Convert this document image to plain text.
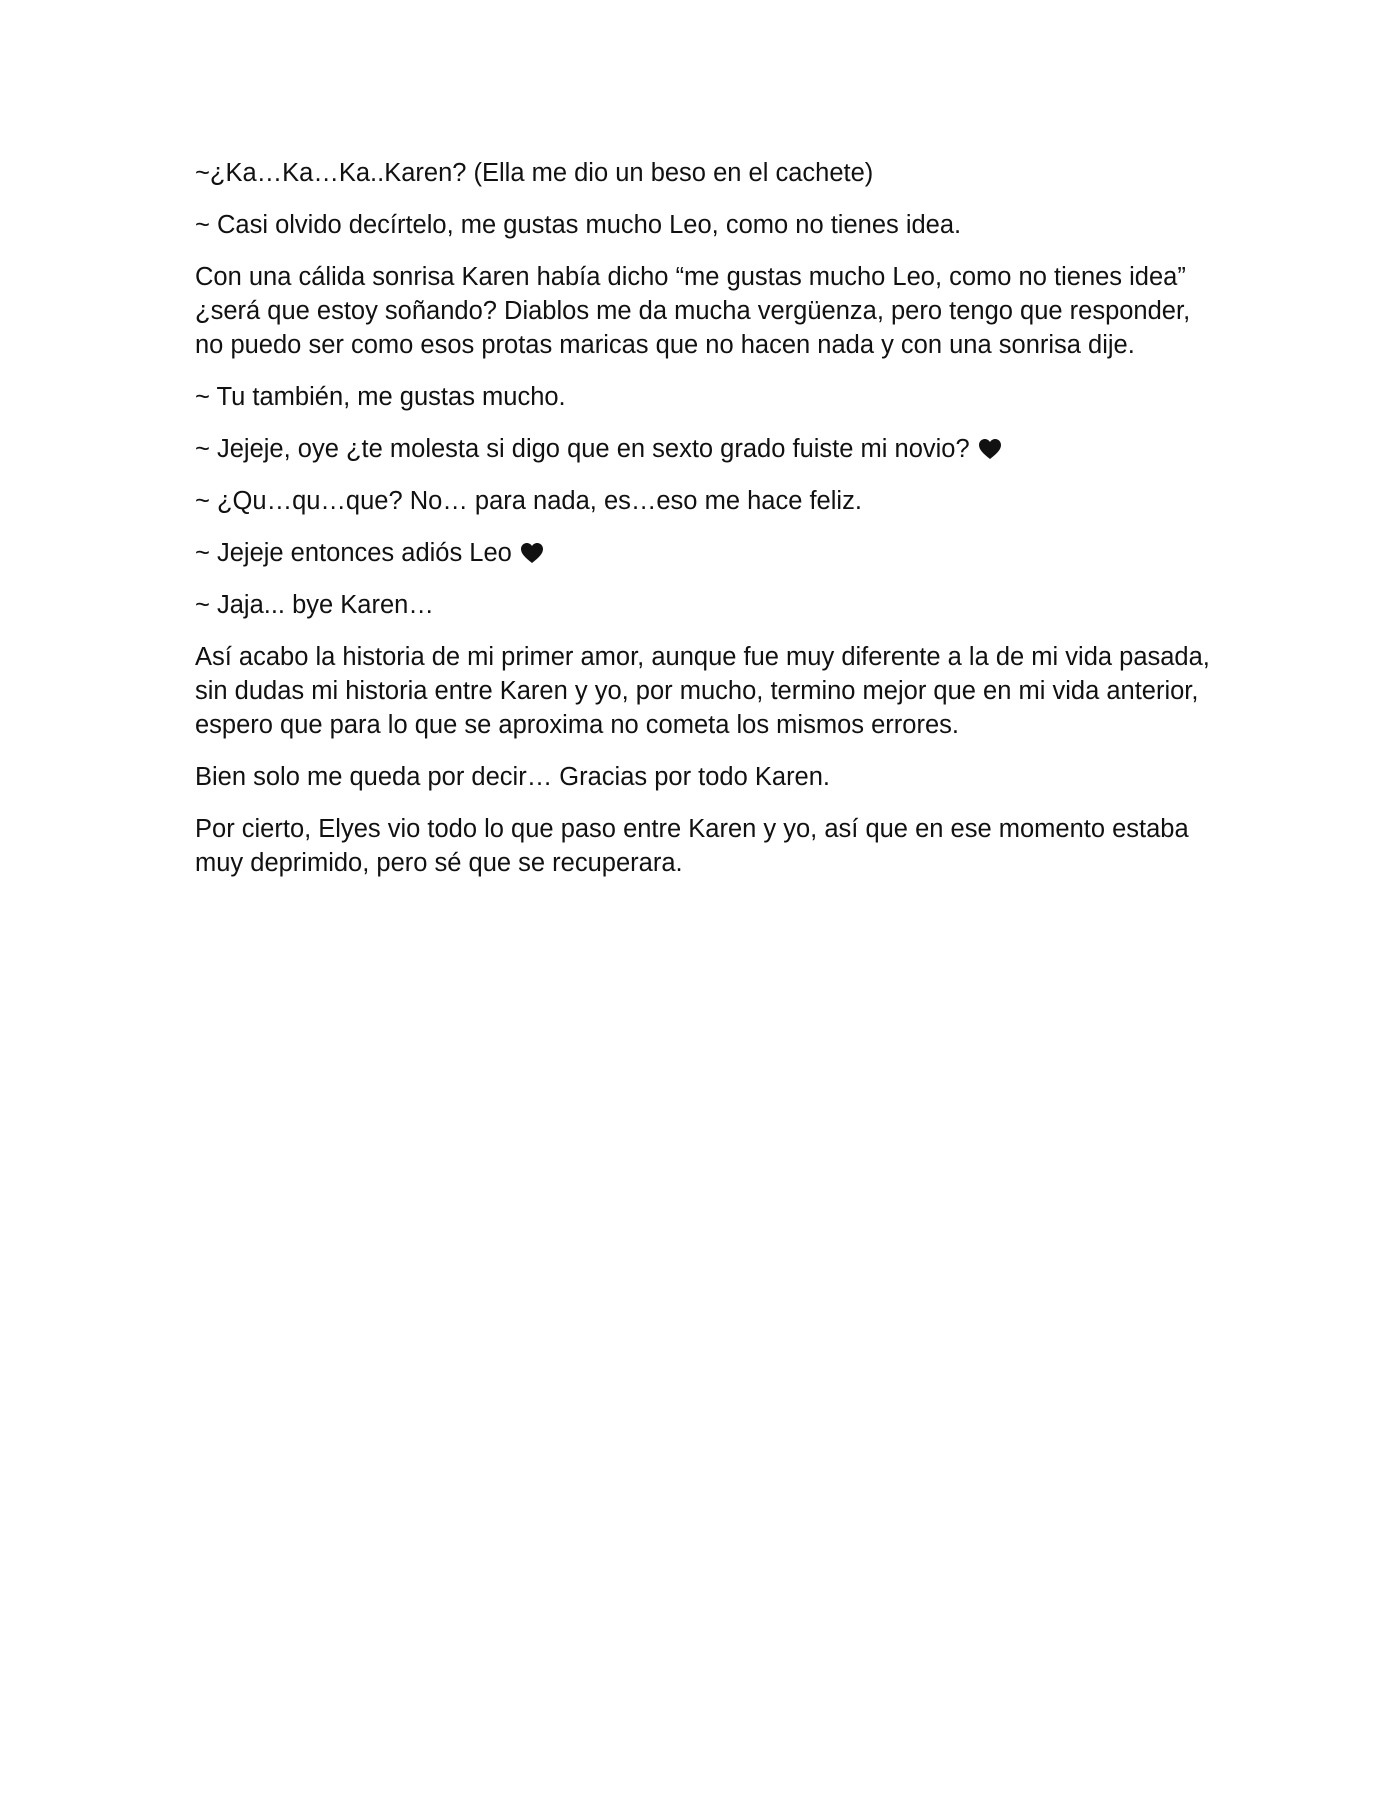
~¿Ka…Ka…Ka..Karen? (Ella me dio un beso en el cachete)

~ Casi olvido decírtelo, me gustas mucho Leo, como no tienes idea.

Con una cálida sonrisa Karen había dicho “me gustas mucho Leo, como no tienes idea” ¿será que estoy soñando? Diablos me da mucha vergüenza, pero tengo que responder, no puedo ser como esos protas maricas que no hacen nada y con una sonrisa dije.

~ Tu también, me gustas mucho.

~ Jejeje, oye ¿te molesta si digo que en sexto grado fuiste mi novio?

~ ¿Qu…qu…que? No… para nada, es…eso me hace feliz.

~ Jejeje entonces adiós Leo

~ Jaja... bye Karen…

Así acabo la historia de mi primer amor, aunque fue muy diferente a la de mi vida pasada, sin dudas mi historia entre Karen y yo, por mucho, termino mejor que en mi vida anterior, espero que para lo que se aproxima no cometa los mismos errores.

Bien solo me queda por decir… Gracias por todo Karen.

Por cierto, Elyes vio todo lo que paso entre Karen y yo, así que en ese momento estaba muy deprimido, pero sé que se recuperara.
